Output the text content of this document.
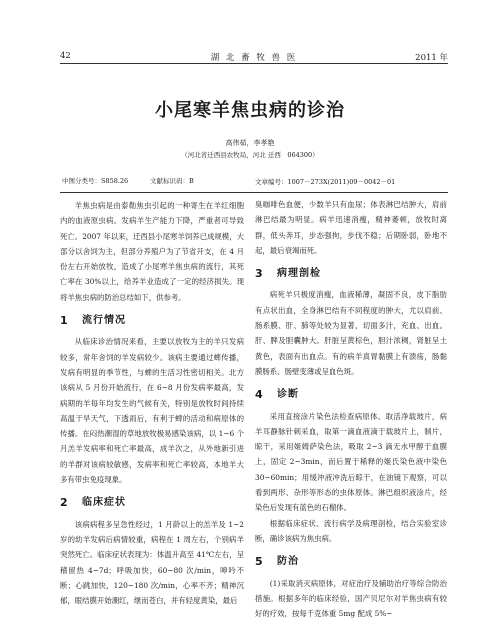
42	湖 北 畜 牧 兽 医	2011 年
小尾寒羊焦虫病的诊治
高伟茹，李孝艳
（河北省迁西县农牧局，河北 迁西　064300）
中图分类号：S858.26	文献标识码：B

羊焦虫病是由泰勒焦虫引起的一种寄生在羊红细胞内的血液原虫病。发病羊生产能力下降，严重者可导致死亡。2007 年以来，迁西县小尾寒羊饲养已成规模，大部分以舍饲为主，但部分养殖户为了节省开支，在 4 月份左右开始放牧，造成了小尾寒羊焦虫病的流行，其死亡率在 30%以上，给养羊业造成了一定的经济损失。现将羊焦虫病的防治总结如下，供参考。

1	流行情况

从临床诊治情况来看，主要以放牧为主的羊只发病较多，常年舍饲的羊发病较少。该病主要通过蜱传播，发病有明显的季节性，与蜱的生活习性密切相关。北方该病从 5 月份开始流行，在 6~8 月份发病率最高，发病期的羊每年均发生的气候有关，特别是放牧时间持续高温干旱天气，下透雨后，有利于蜱的活动和病原体的传播。在闷热潮湿的草地放牧极易感染该病，以 1~6 个月羔羊发病率和死亡率最高，成羊次之，从外地新引进的羊群对该病较敏感，发病率和死亡率较高，本地羊大多有带虫免疫现象。

2	临床症状

该病病程多呈急性经过，1 月龄以上的羔羊及 1~2 岁的幼羊发病后病情较重，病程在 1 周左右，个别病羊突然死亡。临床症状表现为：体温升高至 41℃左右，呈稽留热 4~7d；呼吸加快，60~80 次/min，呻吟不断；心跳加快，120~180 次/min，心率不齐；精神沉郁，眼结膜开始潮红，继而苍白，并有轻度黄染，最后

文章编号：1007－273X(2011)09－0042－01

臭咖啡色血便，少数羊只有血尿；体表淋巴结肿大，肩前淋巴结最为明显。病羊迅速消瘦，精神萎顿，放牧时离群，低头奔耳，步态强拘，步伐不稳；后期卧弱，卧地不起，最后衰竭而死。

3	病理剖检

病死羊只极度消瘦，血液稀薄，凝固不良，皮下脂肪有点状出血，全身淋巴结有不同程度的肿大，尤以肩前、肠系膜、肝、肺等处较为显著，切面多汁，充血、出血。肝、脾及胆囊肿大。肝脏呈黄棕色，胆汁浓稠，肾脏呈土黄色，表面有出血点。有的病羊真胃黏膜上有溃疡，肠黏膜肠系、肠壁变薄或呈血色斑。

4	诊断

采用直接涂片染色法检查病原体。取活净载玻片，病羊耳静脉针刺采血，取第一滴血液滴于载玻片上，制片，晾干，采用姬姆萨染色法，吸取 2~3 滴无水甲醇于血膜上，固定 2~3min，而后置于稀释的姬氏染色液中染色 30~60min；用缓冲液冲洗后晾干，在油镜下观察，可以看到两形、杂形等形态的虫体原体。淋巴组织液涂片，经染色后发现有蓝色的石榴体。

根据临床症状、流行病学及病理剖检，结合实验室诊断，确诊该病为焦虫病。

5	防治

(1)采取消灭病原体，对症治疗及辅助治疗等综合防治措施。根据多年的临床经验，国产贝尼尔对羊焦虫病有较好的疗效，按每千克体重 5mg 配成 5%~
